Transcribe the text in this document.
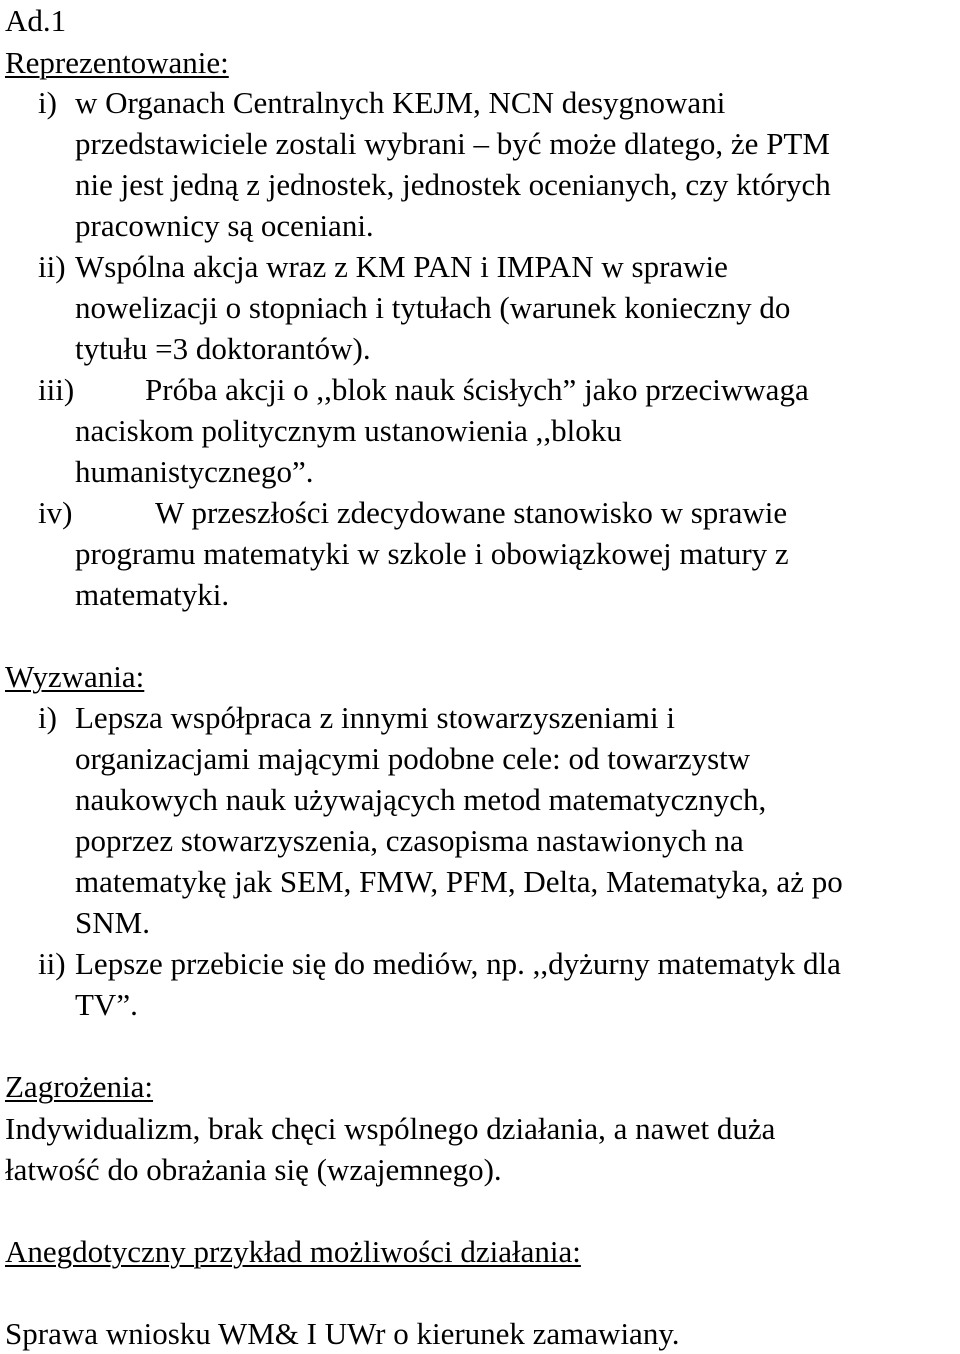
Ad.1
Reprezentowanie:
i) w Organach Centralnych KEJM, NCN desygnowani
przedstawiciele zostali wybrani – być może dlatego, że PTM
nie jest jedną z jednostek, jednostek ocenianych, czy których
pracownicy są oceniani.
ii) Wspólna akcja wraz z KM PAN i IMPAN w sprawie
nowelizacji o stopniach i tytułach (warunek konieczny do
tytułu =3 doktorantów).
iii) Próba akcji o ,,blok nauk ścisłych” jako przeciwwaga
naciskom politycznym ustanowienia ,,bloku
humanistycznego”.
iv)	W przeszłości zdecydowane stanowisko w sprawie
programu matematyki w szkole i obowiązkowej matury z
matematyki.
Wyzwania:
i) Lepsza współpraca z innymi stowarzyszeniami i
organizacjami mającymi podobne cele: od towarzystw
naukowych nauk używających metod matematycznych,
poprzez stowarzyszenia, czasopisma nastawionych na
matematykę jak SEM, FMW, PFM, Delta, Matematyka, aż po
SNM.
ii) Lepsze przebicie się do mediów, np. ,,dyżurny matematyk dla
TV”.
Zagrożenia:
Indywidualizm, brak chęci wspólnego działania, a nawet duża
łatwość do obrażania się (wzajemnego).
Anegdotyczny przykład możliwości działania:
Sprawa wniosku WM& I UWr o kierunek zamawiany.
